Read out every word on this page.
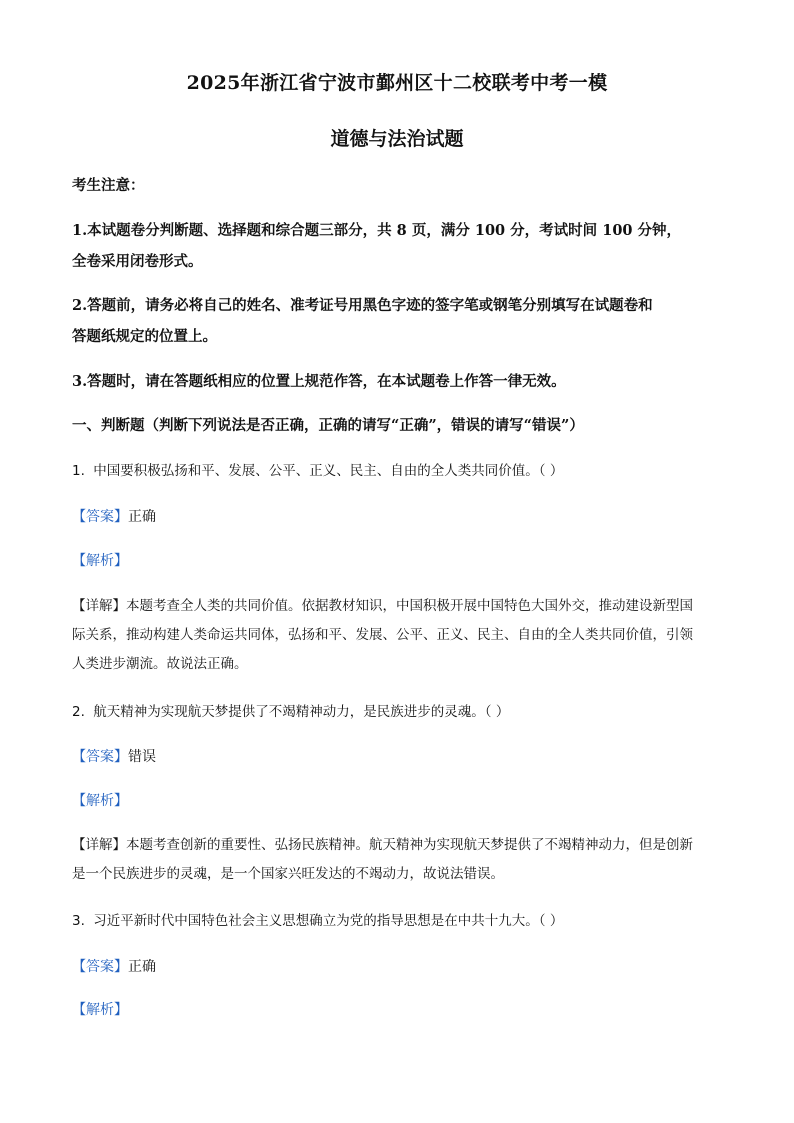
2025年浙江省宁波市鄞州区十二校联考中考一模
道德与法治试题
考生注意：
1.本试题卷分判断题、选择题和综合题三部分，共 8 页，满分 100 分，考试时间 100 分钟，
全卷采用闭卷形式。
2.答题前，请务必将自己的姓名、准考证号用黑色字迹的签字笔或钢笔分别填写在试题卷和
答题纸规定的位置上。
3.答题时，请在答题纸相应的位置上规范作答，在本试题卷上作答一律无效。
一、判断题（判断下列说法是否正确，正确的请写“正确”，错误的请写“错误”）
1. 中国要积极弘扬和平、发展、公平、正义、民主、自由的全人类共同价值。（ ）
【答案】正确
【解析】
【详解】本题考查全人类的共同价值。依据教材知识，中国积极开展中国特色大国外交，推动建设新型国
际关系，推动构建人类命运共同体，弘扬和平、发展、公平、正义、民主、自由的全人类共同价值，引领
人类进步潮流。故说法正确。
2. 航天精神为实现航天梦提供了不竭精神动力，是民族进步的灵魂。（ ）
【答案】错误
【解析】
【详解】本题考查创新的重要性、弘扬民族精神。航天精神为实现航天梦提供了不竭精神动力，但是创新
是一个民族进步的灵魂，是一个国家兴旺发达的不竭动力，故说法错误。
3. 习近平新时代中国特色社会主义思想确立为党的指导思想是在中共十九大。（ ）
【答案】正确
【解析】
